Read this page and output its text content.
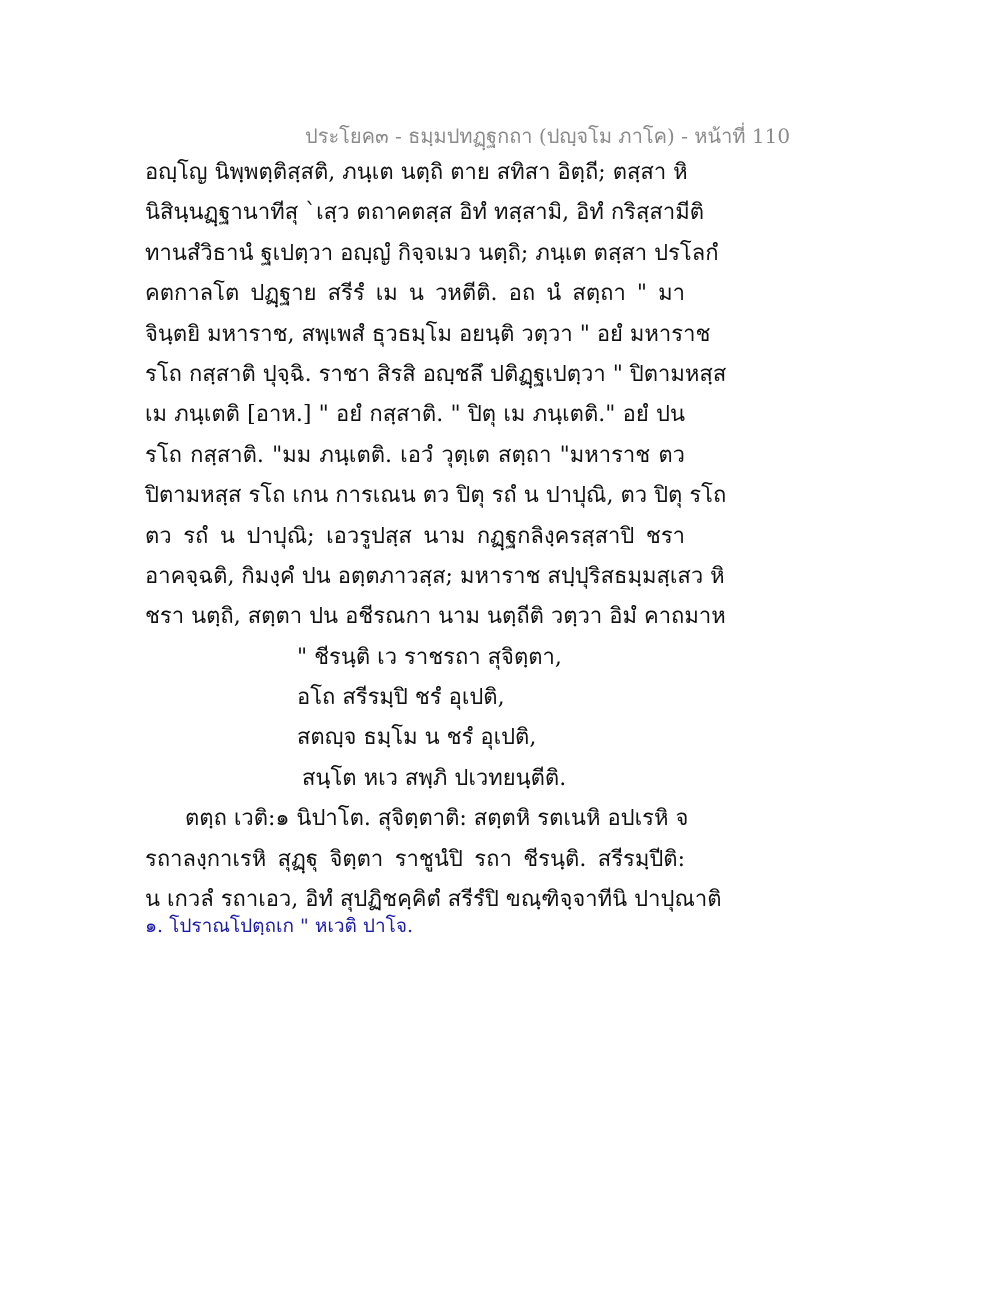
ประโยค๓ - ธมฺมปทฏฺฐกถา (ปญฺจโม ภาโค) - หน้าที่ 110
อญฺโญ นิพฺพตฺติสฺสติ, ภนฺเต นตฺถิ ตาย สทิสา อิตฺถี; ตสฺสา หิ
นิสินฺนฏฺฐานาทีสุ `เสฺว ตถาคตสฺส อิทํ ทสฺสามิ, อิทํ กริสฺสามีติ
ทานสํวิธานํ ฐเปตฺวา อญฺญํ กิจฺจเมว นตฺถิ; ภนฺเต ตสฺสา ปรโลกํ
คตกาลโต ปฏฺฐาย สรีรํ เม น วหตีติ. อถ นํ สตฺถา " มา
จินฺตยิ มหาราช, สพฺเพสํ ธุวธมฺโม อยนฺติ วตฺวา " อยํ มหาราช
รโถ กสฺสาติ ปุจฺฉิ. ราชา สิรสิ อญฺชลึ ปติฏฺฐเปตฺวา " ปิตามหสฺส
เม ภนฺเตติ [อาห.] " อยํ กสฺสาติ. " ปิตุ เม ภนฺเตติ." อยํ ปน
รโถ กสฺสาติ. "มม ภนฺเตติ. เอวํ วุตฺเต สตฺถา "มหาราช ตว
ปิตามหสฺส รโถ เกน การเณน ตว ปิตุ รถํ น ปาปุณิ, ตว ปิตุ รโถ
ตว รถํ น ปาปุณิ; เอวรูปสฺส นาม กฏฺฐกลิงฺครสฺสาปิ ชรา
อาคจฺฉติ, กิมงฺคํ ปน อตฺตภาวสฺส; มหาราช สปฺปุริสธมฺมสฺเสว หิ
ชรา นตฺถิ, สตฺตา ปน อชีรณกา นาม นตฺถีติ วตฺวา อิมํ คาถมาห
" ชีรนฺติ เว ราชรถา สุจิตฺตา,
อโถ สรีรมฺปิ ชรํ อุเปติ,
สตญฺจ ธมฺโม น ชรํ อุเปติ,
สนฺโต หเว สพฺภิ ปเวทยนฺตีติ.
ตตฺถ เวติ:๑ นิปาโต. สุจิตฺตาติ: สตฺตหิ รตเนหิ อปเรหิ จ
รถาลงฺกาเรหิ สุฏฺฐุ จิตฺตา ราชูนํปิ รถา ชีรนฺติ. สรีรมฺปีติ:
น เกวลํ รถาเอว, อิทํ สุปฏิชคฺคิตํ สรีรํปิ ขณฺฑิจฺจาทีนิ ปาปุณาติ
๑. โปราณโปตฺถเก " หเวติ ปาโจ.
